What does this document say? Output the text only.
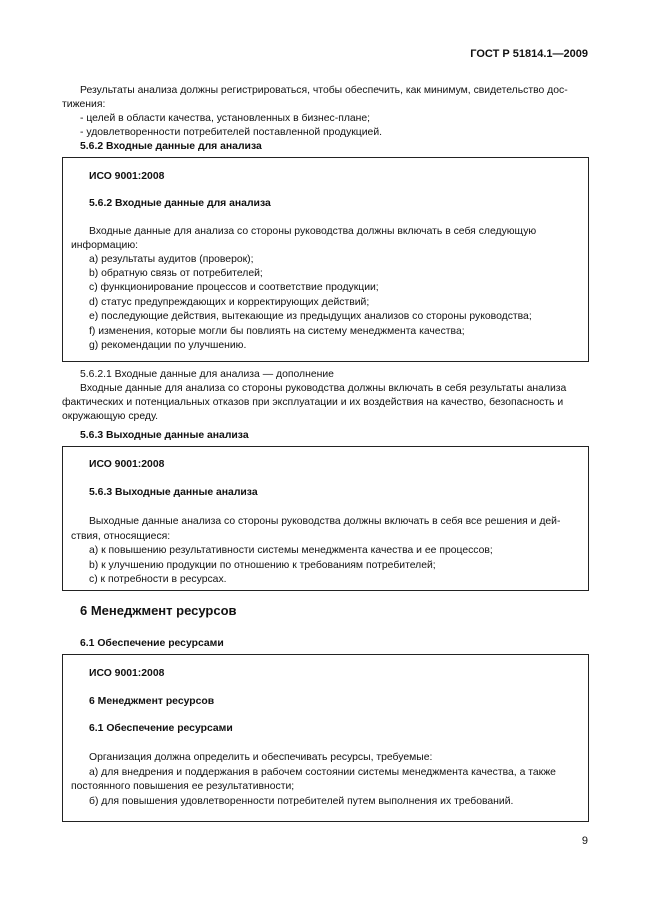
ГОСТ Р 51814.1—2009
Результаты анализа должны регистрироваться, чтобы обеспечить, как минимум, свидетельство дос-
тижения:
- целей в области качества, установленных в бизнес-плане;
- удовлетворенности потребителей поставленной продукцией.
5.6.2 Входные данные для анализа
ИСО 9001:2008
5.6.2 Входные данные для анализа
Входные данные для анализа со стороны руководства должны включать в себя следующую
информацию:
a) результаты аудитов (проверок);
b) обратную связь от потребителей;
c) функционирование процессов и соответствие продукции;
d) статус предупреждающих и корректирующих действий;
e) последующие действия, вытекающие из предыдущих анализов со стороны руководства;
f) изменения, которые могли бы повлиять на систему менеджмента качества;
g) рекомендации по улучшению.
5.6.2.1 Входные данные для анализа — дополнение
Входные данные для анализа со стороны руководства должны включать в себя результаты анализа
фактических и потенциальных отказов при эксплуатации и их воздействия на качество, безопасность и
окружающую среду.
5.6.3 Выходные данные анализа
ИСО 9001:2008
5.6.3 Выходные данные анализа
Выходные данные анализа со стороны руководства должны включать в себя все решения и дей-
ствия, относящиеся:
a) к повышению результативности системы менеджмента качества и ее процессов;
b) к улучшению продукции по отношению к требованиям потребителей;
c) к потребности в ресурсах.
6 Менеджмент ресурсов
6.1 Обеспечение ресурсами
ИСО 9001:2008
6 Менеджмент ресурсов
6.1 Обеспечение ресурсами
Организация должна определить и обеспечивать ресурсы, требуемые:
а) для внедрения и поддержания в рабочем состоянии системы менеджмента качества, а также
постоянного повышения ее результативности;
б) для повышения удовлетворенности потребителей путем выполнения их требований.
9
